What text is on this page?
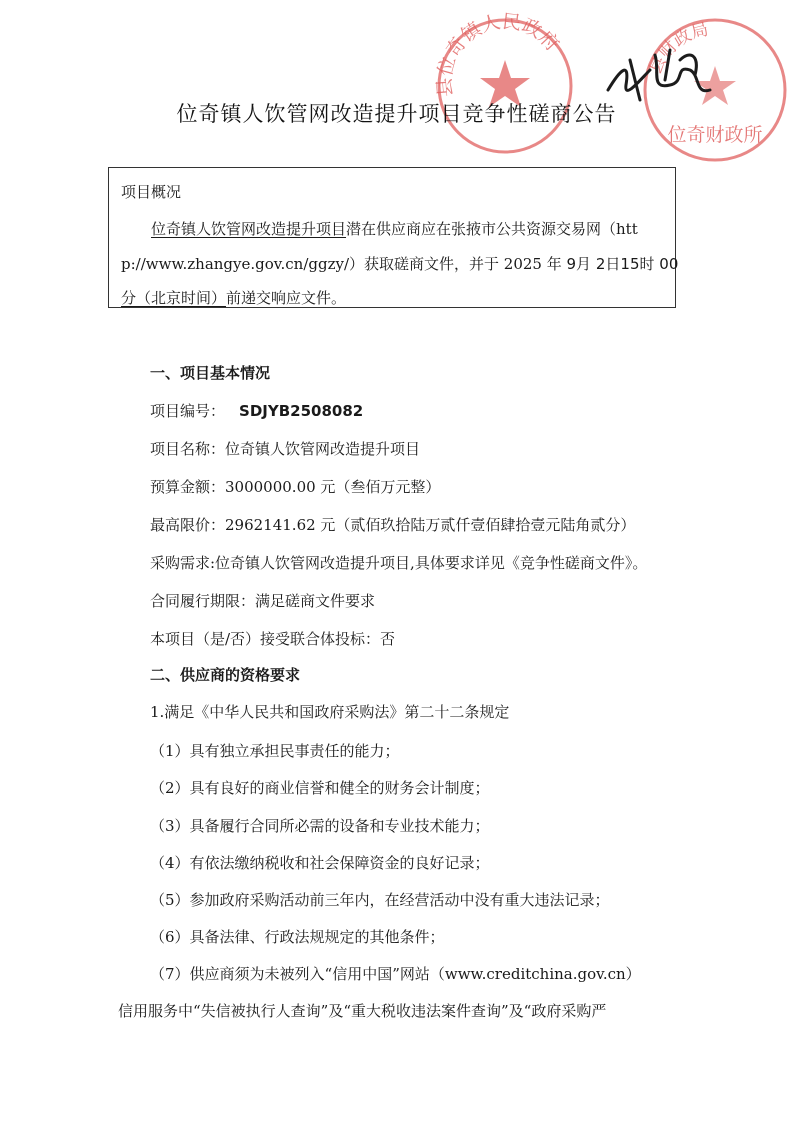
县位奇镇人民政府
县财政局
位奇财政所
位奇镇人饮管网改造提升项目竞争性磋商公告
项目概况
位奇镇人饮管网改造提升项目潜在供应商应在张掖市公共资源交易网（htt
p://www.zhangye.gov.cn/ggzy/）获取磋商文件，并于 2025 年 9月 2日15时 00
分（北京时间）前递交响应文件。
一、项目基本情况
项目编号： SDJYB2508082
项目名称：位奇镇人饮管网改造提升项目
预算金额：3000000.00 元（叁佰万元整）
最高限价：2962141.62 元（贰佰玖拾陆万贰仟壹佰肆拾壹元陆角贰分）
采购需求:位奇镇人饮管网改造提升项目,具体要求详见《竞争性磋商文件》。
合同履行期限：满足磋商文件要求
本项目（是/否）接受联合体投标：否
二、供应商的资格要求
1.满足《中华人民共和国政府采购法》第二十二条规定
（1）具有独立承担民事责任的能力；
（2）具有良好的商业信誉和健全的财务会计制度；
（3）具备履行合同所必需的设备和专业技术能力；
（4）有依法缴纳税收和社会保障资金的良好记录；
（5）参加政府采购活动前三年内，在经营活动中没有重大违法记录；
（6）具备法律、行政法规规定的其他条件；
（7）供应商须为未被列入“信用中国”网站（www.creditchina.gov.cn）
信用服务中“失信被执行人查询”及“重大税收违法案件查询”及“政府采购严
